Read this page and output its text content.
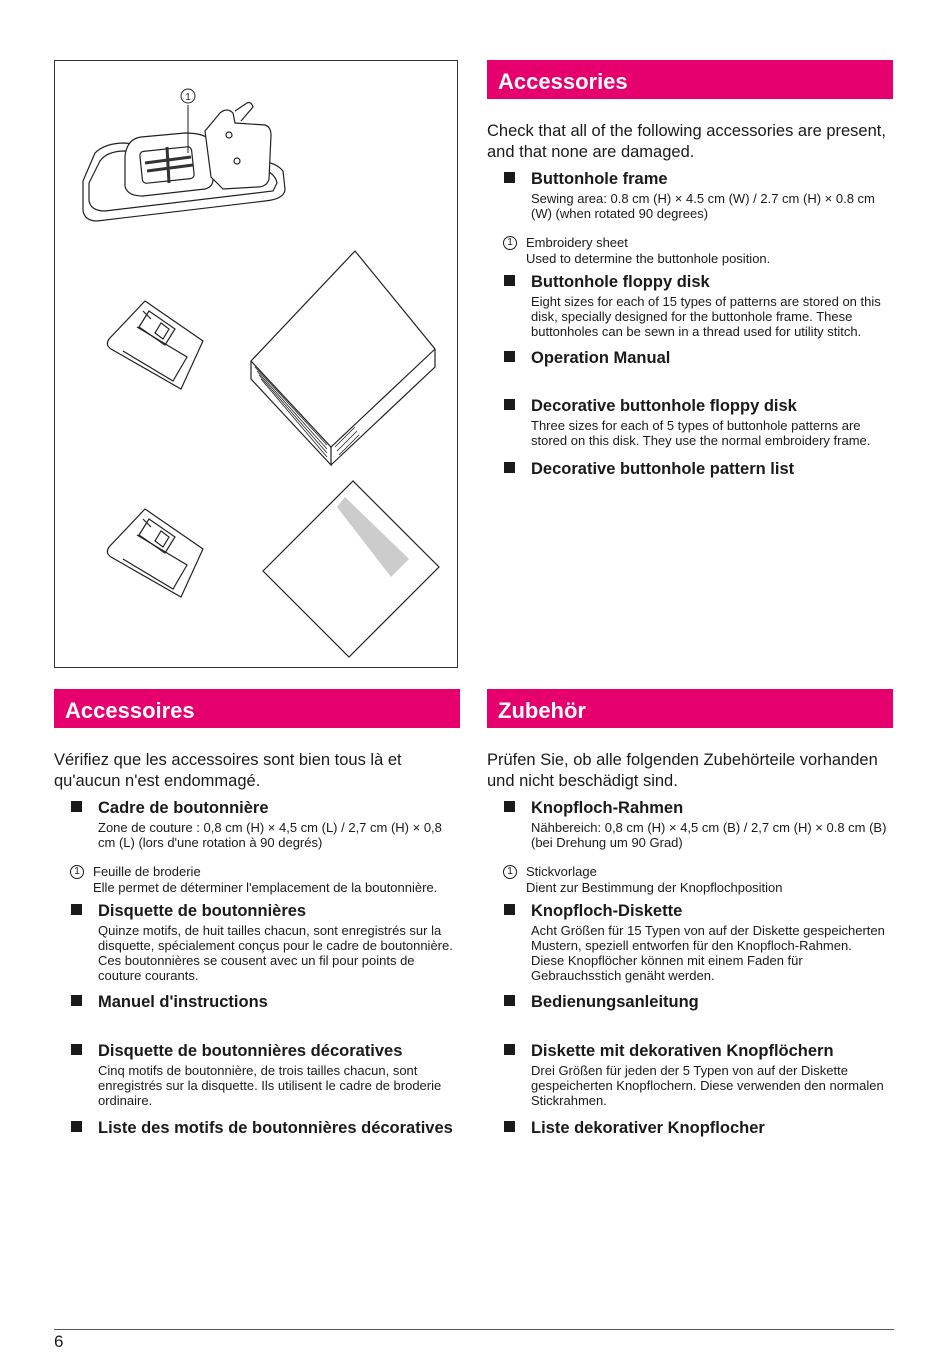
1
Accessories
Check that all of the following accessories are present, and that none are damaged.
Buttonhole frame

Sewing area: 0.8 cm (H) × 4.5 cm (W) / 2.7 cm (H) × 0.8 cm (W) (when rotated 90 degrees)

1	Embroidery sheet
Used to determine the buttonhole position.
Buttonhole floppy disk

Eight sizes for each of 15 types of patterns are stored on this disk, specially designed for the buttonhole frame. These buttonholes can be sewn in a thread used for utility stitch.

Operation Manual
Decorative buttonhole floppy disk

Three sizes for each of 5 types of buttonhole patterns are stored on this disk. They use the normal embroidery frame.

Decorative buttonhole pattern list
Accessoires
Vérifiez que les accessoires sont bien tous là et qu'aucun n'est endommagé.
Cadre de boutonnière

Zone de couture : 0,8 cm (H) × 4,5 cm (L) / 2,7 cm (H) × 0,8 cm (L) (lors d'une rotation à 90 degrés)

1	Feuille de broderie
Elle permet de déterminer l'emplacement de la boutonnière.
Disquette de boutonnières

Quinze motifs, de huit tailles chacun, sont enregistrés sur la disquette, spécialement conçus pour le cadre de boutonnière. Ces boutonnières se cousent avec un fil pour points de couture courants.

Manuel d'instructions
Disquette de boutonnières décoratives

Cinq motifs de boutonnière, de trois tailles chacun, sont enregistrés sur la disquette. Ils utilisent le cadre de broderie ordinaire.

Liste des motifs de boutonnières décoratives
Zubehör
Prüfen Sie, ob alle folgenden Zubehörteile vorhanden und nicht beschädigt sind.
Knopfloch-Rahmen

Nähbereich: 0,8 cm (H) × 4,5 cm (B) / 2,7 cm (H) × 0.8 cm (B) (bei Drehung um 90 Grad)

1	Stickvorlage
Dient zur Bestimmung der Knopflochposition
Knopfloch-Diskette

Acht Größen für 15 Typen von auf der Diskette gespeicherten Mustern, speziell entworfen für den Knopfloch-Rahmen.
Diese Knopflöcher können mit einem Faden für Gebrauchsstich genäht werden.

Bedienungsanleitung
Diskette mit dekorativen Knopflöchern

Drei Größen für jeden der 5 Typen von auf der Diskette gespeicherten Knopflochern. Diese verwenden den normalen Stickrahmen.

Liste dekorativer Knopflocher
6
